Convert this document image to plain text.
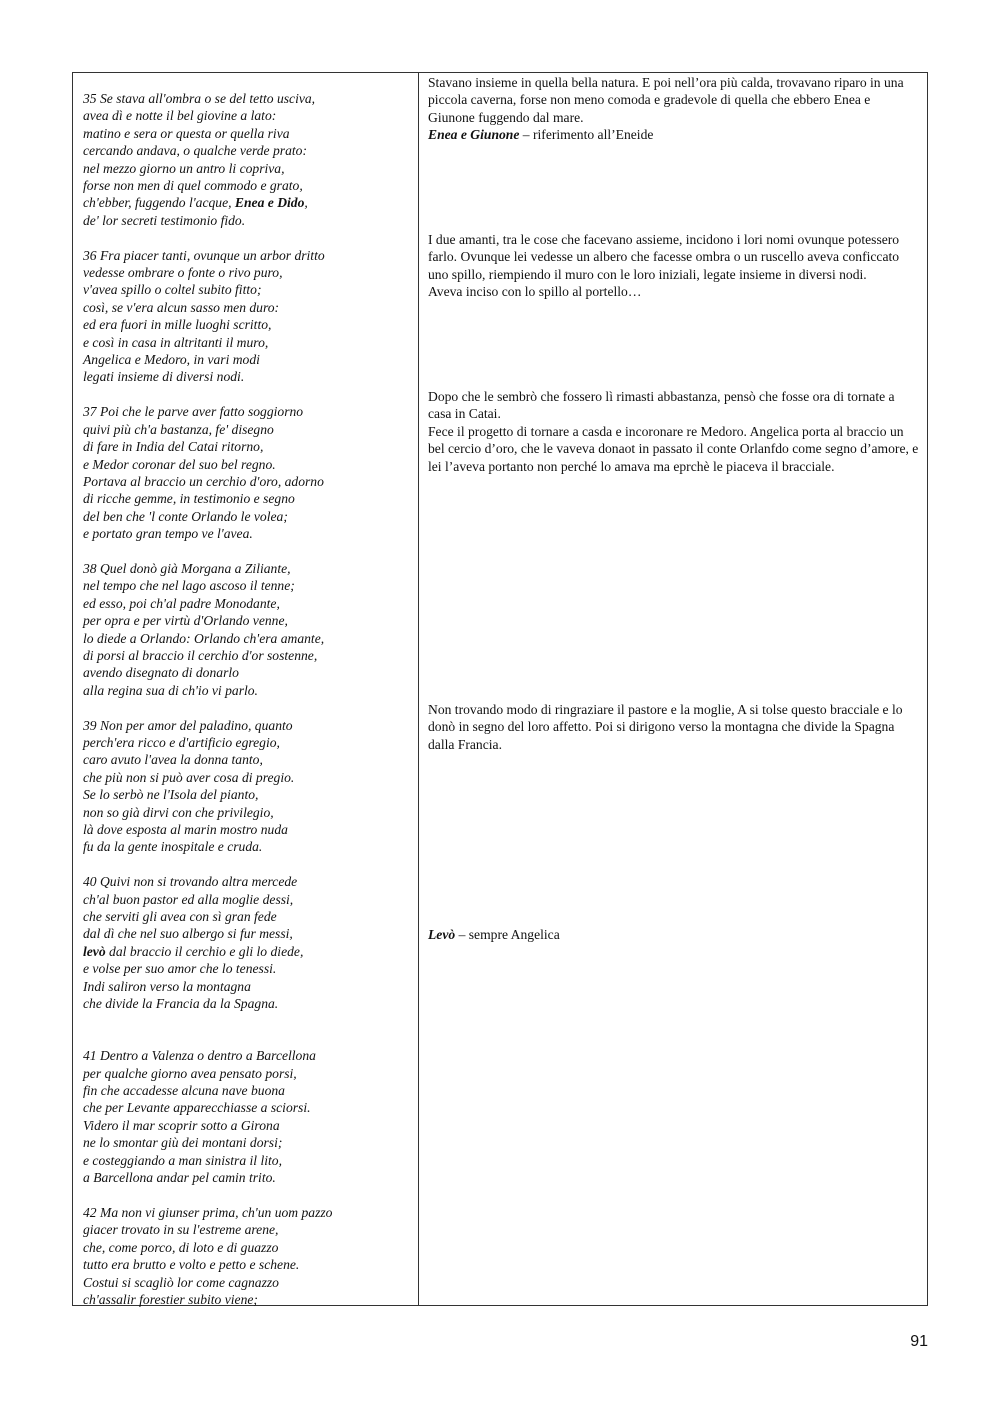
35 Se stava all'ombra o se del tetto usciva,
avea dì e notte il bel giovine a lato:
matino e sera or questa or quella riva
cercando andava, o qualche verde prato:
nel mezzo giorno un antro li copriva,
forse non men di quel commodo e grato,
ch'ebber, fuggendo l'acque, Enea e Dido,
de' lor secreti testimonio fido.
36 Fra piacer tanti, ovunque un arbor dritto
vedesse ombrare o fonte o rivo puro,
v'avea spillo o coltel subito fitto;
così, se v'era alcun sasso men duro:
ed era fuori in mille luoghi scritto,
e così in casa in altritanti il muro,
Angelica e Medoro, in vari modi
legati insieme di diversi nodi.
37 Poi che le parve aver fatto soggiorno
quivi più ch'a bastanza, fe' disegno
di fare in India del Catai ritorno,
e Medor coronar del suo bel regno.
Portava al braccio un cerchio d'oro, adorno
di ricche gemme, in testimonio e segno
del ben che 'l conte Orlando le volea;
e portato gran tempo ve l'avea.
38 Quel donò già Morgana a Ziliante,
nel tempo che nel lago ascoso il tenne;
ed esso, poi ch'al padre Monodante,
per opra e per virtù d'Orlando venne,
lo diede a Orlando: Orlando ch'era amante,
di porsi al braccio il cerchio d'or sostenne,
avendo disegnato di donarlo
alla regina sua di ch'io vi parlo.
39 Non per amor del paladino, quanto
perch'era ricco e d'artificio egregio,
caro avuto l'avea la donna tanto,
che più non si può aver cosa di pregio.
Se lo serbò ne l'Isola del pianto,
non so già dirvi con che privilegio,
là dove esposta al marin mostro nuda
fu da la gente inospitale e cruda.
40 Quivi non si trovando altra mercede
ch'al buon pastor ed alla moglie dessi,
che serviti gli avea con sì gran fede
dal dì che nel suo albergo si fur messi,
levò dal braccio il cerchio e gli lo diede,
e volse per suo amor che lo tenessi.
Indi saliron verso la montagna
che divide la Francia da la Spagna.
41 Dentro a Valenza o dentro a Barcellona
per qualche giorno avea pensato porsi,
fin che accadesse alcuna nave buona
che per Levante apparecchiasse a sciorsi.
Videro il mar scoprir sotto a Girona
ne lo smontar giù dei montani dorsi;
e costeggiando a man sinistra il lito,
a Barcellona andar pel camin trito.
42 Ma non vi giunser prima, ch'un uom pazzo
giacer trovato in su l'estreme arene,
che, come porco, di loto e di guazzo
tutto era brutto e volto e petto e schene.
Costui si scagliò lor come cagnazzo
ch'assalir forestier subito viene;

Stavano insieme in quella bella natura. E poi nell’ora più calda, trovavano riparo in una piccola caverna, forse non meno comoda e gradevole di quella che ebbero Enea e Giunone fuggendo dal mare.

Enea e Giunone – riferimento all’Eneide

I due amanti, tra le cose che facevano assieme, incidono i lori nomi ovunque potessero farlo. Ovunque lei vedesse un albero che facesse ombra o un ruscello aveva conficcato uno spillo, riempiendo il muro con le loro iniziali, legate insieme in diversi nodi.

Aveva inciso con lo spillo al portello…

Dopo che le sembrò che fossero lì rimasti abbastanza, pensò che fosse ora di tornate a casa in Catai.

Fece il progetto di tornare a casda e incoronare re Medoro. Angelica porta al braccio un bel cercio d’oro, che le vaveva donaot in passato il conte Orlanfdo come segno d’amore, e lei l’aveva portanto non perché lo amava ma eprchè le piaceva il bracciale.

Non trovando modo di ringraziare il pastore e la moglie, A si tolse questo bracciale e lo donò in segno del loro affetto. Poi si dirigono verso la montagna che divide la Spagna dalla Francia.

Levò – sempre Angelica

91
